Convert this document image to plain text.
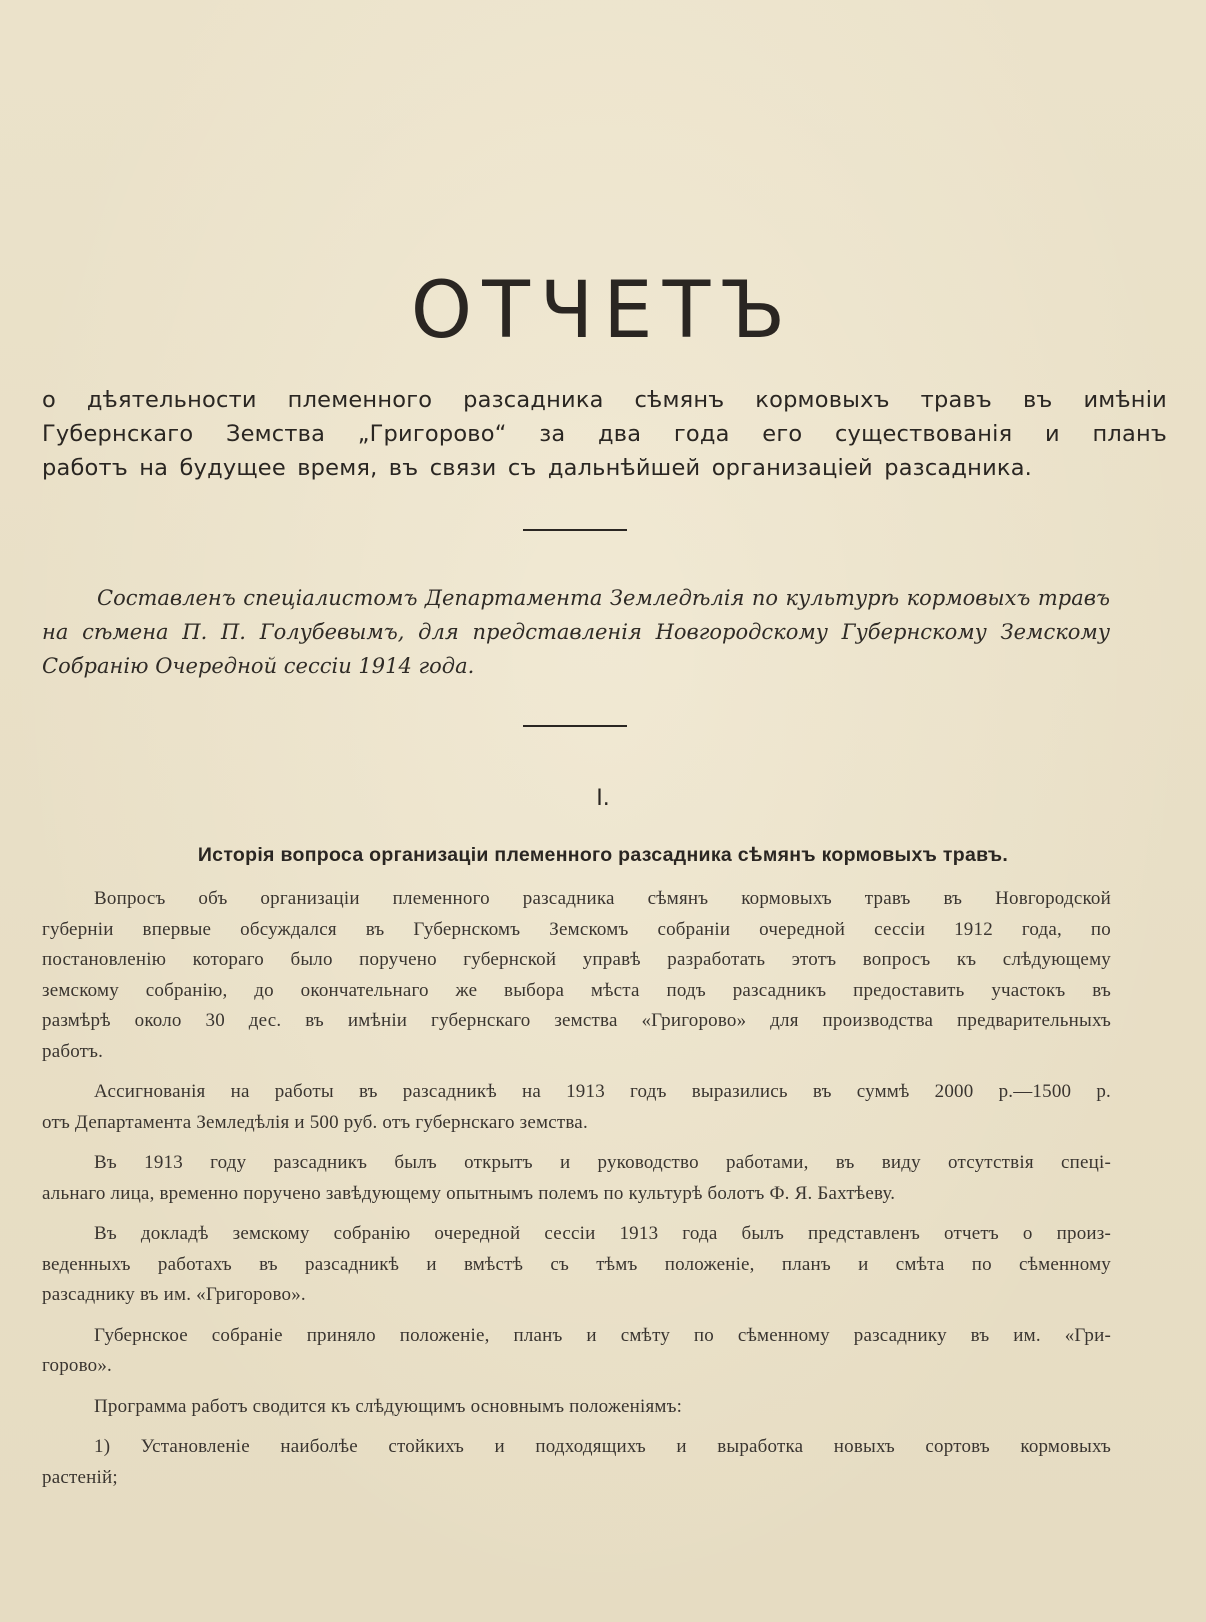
ОТЧЕТЪ
о дѣятельности племенного разсадника сѣмянъ кормовыхъ травъ въ имѣніи
Губернскаго Земства „Григорово“ за два года его существованія и планъ
работъ на будущее время, въ связи съ дальнѣйшей организаціей разсадника.
Составленъ спеціалистомъ Департамента Земледѣлія по культурѣ кормовыхъ травъ
на сѣмена П. П. Голубевымъ, для представленія Новгородскому Губернскому Земскому
Собранію Очередной сессіи 1914 года.
I.
Исторія вопроса организаціи племенного разсадника сѣмянъ кормовыхъ травъ.
Вопросъ объ организаціи племенного разсадника сѣмянъ кормовыхъ травъ въ Новгородской
губерніи впервые обсуждался въ Губернскомъ Земскомъ собраніи очередной сессіи 1912 года, по
постановленію котораго было поручено губернской управѣ разработать этотъ вопросъ къ слѣдующему
земскому собранію, до окончательнаго же выбора мѣста подъ разсадникъ предоставить участокъ въ
размѣрѣ около 30 дес. въ имѣніи губернскаго земства «Григорово» для производства предварительныхъ
работъ.
Ассигнованія на работы въ разсадникѣ на 1913 годъ выразились въ суммѣ 2000 р.—1500 р.
отъ Департамента Земледѣлія и 500 руб. отъ губернскаго земства.
Въ 1913 году разсадникъ былъ открытъ и руководство работами, въ виду отсутствія спеці-
альнаго лица, временно поручено завѣдующему опытнымъ полемъ по культурѣ болотъ Ф. Я. Бахтѣеву.
Въ докладѣ земскому собранію очередной сессіи 1913 года былъ представленъ отчетъ о произ-
веденныхъ работахъ въ разсадникѣ и вмѣстѣ съ тѣмъ положеніе, планъ и смѣта по сѣменному
разсаднику въ им. «Григорово».
Губернское собраніе приняло положеніе, планъ и смѣту по сѣменному разсаднику въ им. «Гри-
горово».
Программа работъ сводится къ слѣдующимъ основнымъ положеніямъ:
1) Установленіе наиболѣе стойкихъ и подходящихъ и выработка новыхъ сортовъ кормовыхъ
растеній;
